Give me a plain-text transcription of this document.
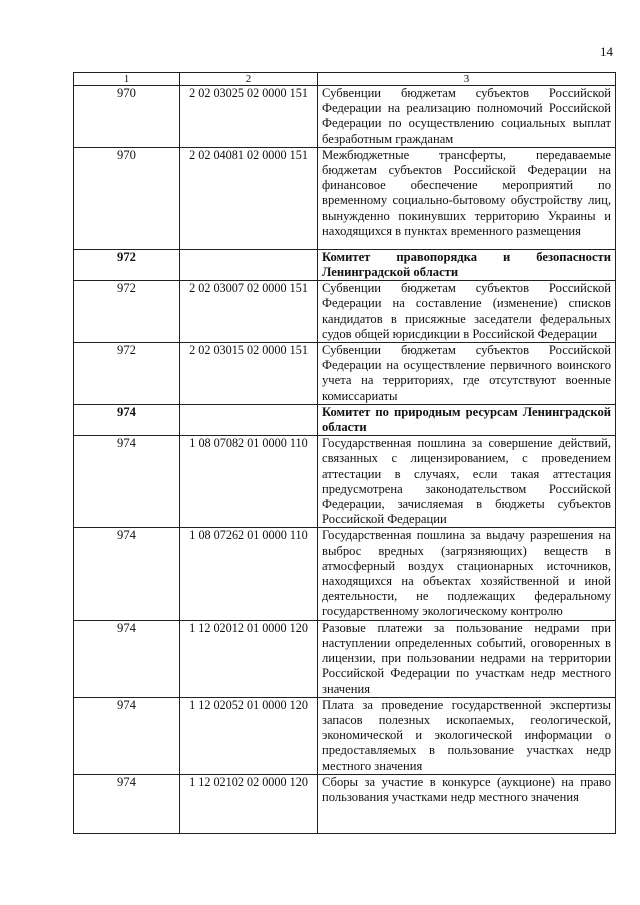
14
1	2	3
970	2 02 03025 02 0000 151	Субвенции бюджетам субъектов Российской Федерации на реализацию полномочий Российской Федерации по осуществлению социальных выплат безработным гражданам
970	2 02 04081 02 0000 151	Межбюджетные трансферты, передаваемые бюджетам субъектов Российской Федерации на финансовое обеспечение мероприятий по временному социально-бытовому обустройству лиц, вынужденно покинувших территорию Украины и находящихся в пунктах временного размещения
972		Комитет правопорядка и безопасности Ленинградской области
972	2 02 03007 02 0000 151	Субвенции бюджетам субъектов Российской Федерации на составление (изменение) списков кандидатов в присяжные заседатели федеральных судов общей юрисдикции в Российской Федерации
972	2 02 03015 02 0000 151	Субвенции бюджетам субъектов Российской Федерации на осуществление первичного воинского учета на территориях, где отсутствуют военные комиссариаты
974		Комитет по природным ресурсам Ленинградской области
974	1 08 07082 01 0000 110	Государственная пошлина за совершение действий, связанных с лицензированием, с проведением аттестации в случаях, если такая аттестация предусмотрена законодательством Российской Федерации, зачисляемая в бюджеты субъектов Российской Федерации
974	1 08 07262 01 0000 110	Государственная пошлина за выдачу разрешения на выброс вредных (загрязняющих) веществ в атмосферный воздух стационарных источников, находящихся на объектах хозяйственной и иной деятельности, не подлежащих федеральному государственному экологическому контролю
974	1 12 02012 01 0000 120	Разовые платежи за пользование недрами при наступлении определенных событий, оговоренных в лицензии, при пользовании недрами на территории Российской Федерации по участкам недр местного значения
974	1 12 02052 01 0000 120	Плата за проведение государственной экспертизы запасов полезных ископаемых, геологической, экономической и экологической информации о предоставляемых в пользование участках недр местного значения
974	1 12 02102 02 0000 120	Сборы за участие в конкурсе (аукционе) на право пользования участками недр местного значения
